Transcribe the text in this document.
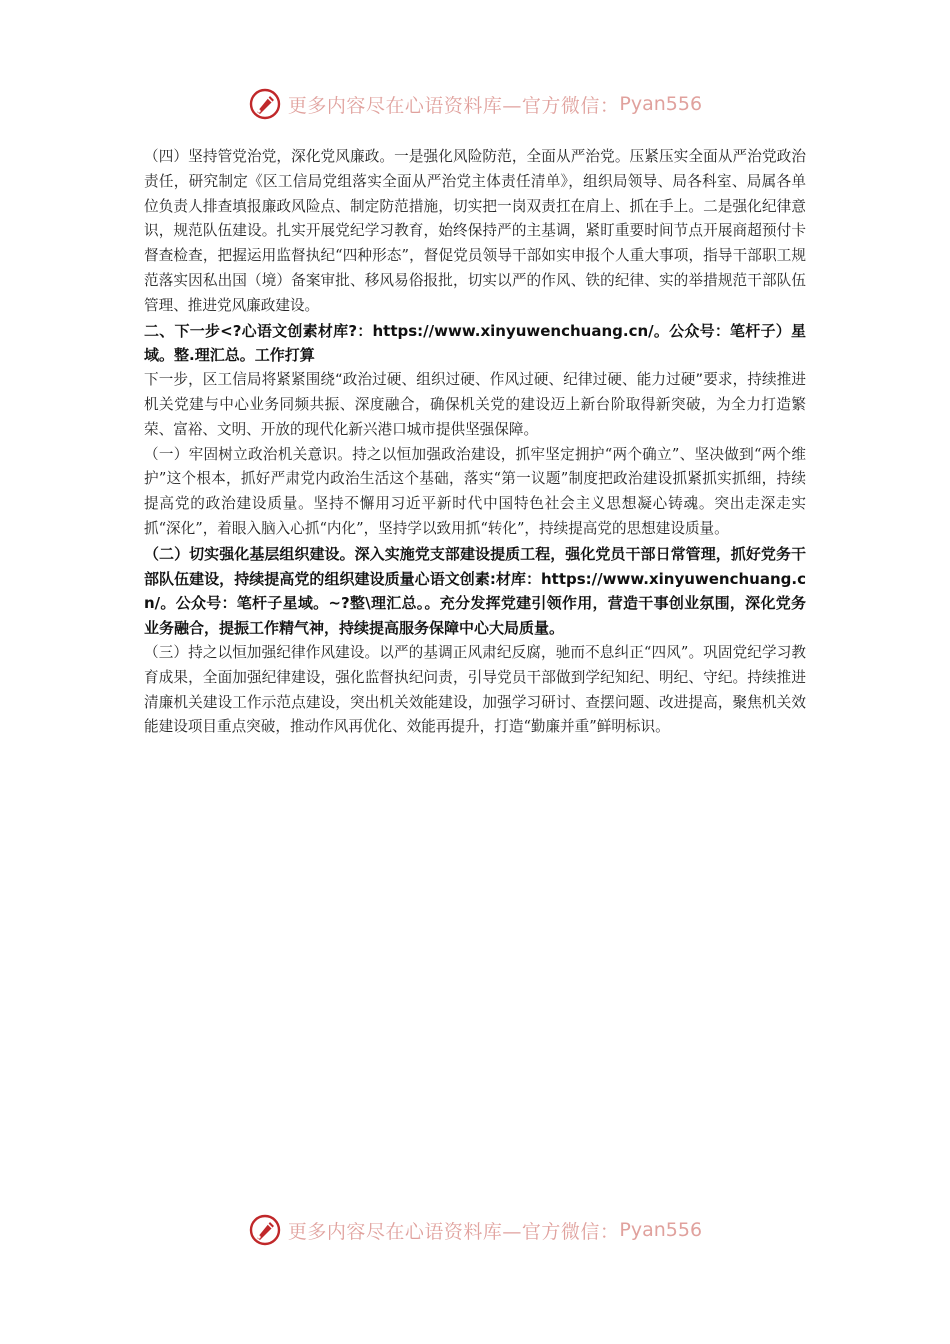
更多内容尽在心语资料库—官方微信： Pyan556

（四）坚持管党治党，深化党风廉政。一是强化风险防范，全面从严治党。压紧压实全面从严治党政治责任，研究制定《区工信局党组落实全面从严治党主体责任清单》，组织局领导、局各科室、局属各单位负责人排查填报廉政风险点、制定防范措施，切实把一岗双责扛在肩上、抓在手上。二是强化纪律意识，规范队伍建设。扎实开展党纪学习教育，始终保持严的主基调，紧盯重要时间节点开展商超预付卡督查检查，把握运用监督执纪“四种形态”，督促党员领导干部如实申报个人重大事项，指导干部职工规范落实因私出国（境）备案审批、移风易俗报批，切实以严的作风、铁的纪律、实的举措规范干部队伍管理、推进党风廉政建设。

二、下一步<?心语文创素材库?：https://www.xinyuwenchuang.cn/。公众号：笔杆子）星域。整.理汇总。工作打算

下一步，区工信局将紧紧围绕“政治过硬、组织过硬、作风过硬、纪律过硬、能力过硬”要求，持续推进机关党建与中心业务同频共振、深度融合，确保机关党的建设迈上新台阶取得新突破，为全力打造繁荣、富裕、文明、开放的现代化新兴港口城市提供坚强保障。

（一）牢固树立政治机关意识。持之以恒加强政治建设，抓牢坚定拥护“两个确立”、坚决做到“两个维护”这个根本，抓好严肃党内政治生活这个基础，落实“第一议题”制度把政治建设抓紧抓实抓细，持续提高党的政治建设质量。坚持不懈用习近平新时代中国特色社会主义思想凝心铸魂。突出走深走实抓“深化”，着眼入脑入心抓“内化”，坚持学以致用抓“转化”，持续提高党的思想建设质量。

（二）切实强化基层组织建设。深入实施党支部建设提质工程，强化党员干部日常管理，抓好党务干部队伍建设，持续提高党的组织建设质量心语文创素:材库：https://www.xinyuwenchuang.cn/。公众号：笔杆子星域。~?整\理汇总。。充分发挥党建引领作用，营造干事创业氛围，深化党务业务融合，提振工作精气神，持续提高服务保障中心大局质量。

（三）持之以恒加强纪律作风建设。以严的基调正风肃纪反腐，驰而不息纠正“四风”。巩固党纪学习教育成果，全面加强纪律建设，强化监督执纪问责，引导党员干部做到学纪知纪、明纪、守纪。持续推进清廉机关建设工作示范点建设，突出机关效能建设，加强学习研讨、查摆问题、改进提高，聚焦机关效能建设项目重点突破，推动作风再优化、效能再提升，打造“勤廉并重”鲜明标识。

更多内容尽在心语资料库—官方微信： Pyan556
